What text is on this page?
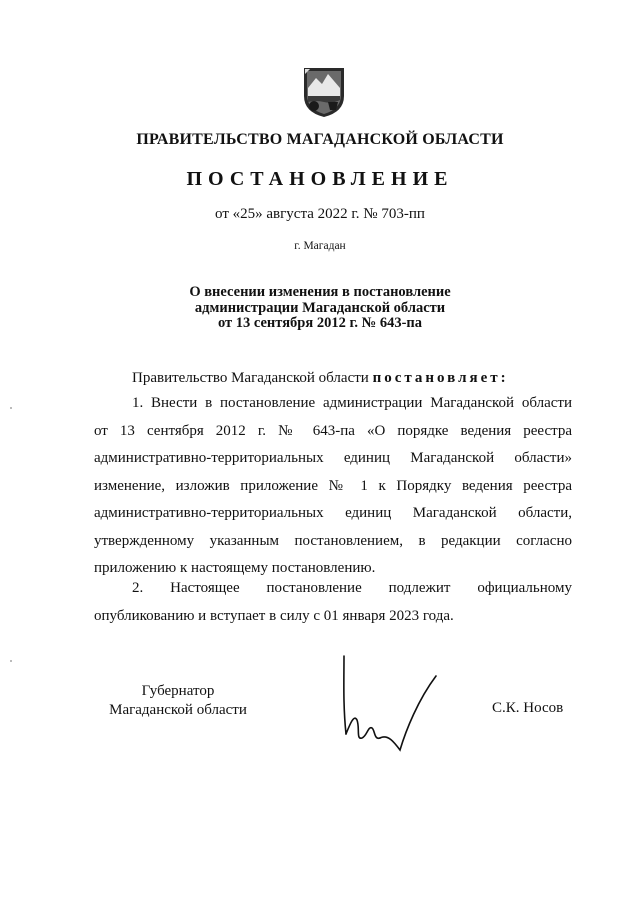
ПРАВИТЕЛЬСТВО МАГАДАНСКОЙ ОБЛАСТИ
ПОСТАНОВЛЕНИЕ
от «25» августа 2022 г. № 703-пп
г. Магадан
О внесении изменения в постановление
администрации Магаданской области
от 13 сентября 2012 г. № 643-па
Правительство Магаданской области постановляет:
1. Внести в постановление администрации Магаданской области
от 13 сентября 2012 г. № 643-па «О порядке ведения реестра
административно-территориальных единиц Магаданской области»
изменение, изложив приложение № 1 к Порядку ведения реестра
административно-территориальных единиц Магаданской области,
утвержденному указанным постановлением, в редакции согласно
приложению к настоящему постановлению.
2. Настоящее постановление подлежит официальному
опубликованию и вступает в силу с 01 января 2023 года.
Губернатор
Магаданской области	С.К. Носов
